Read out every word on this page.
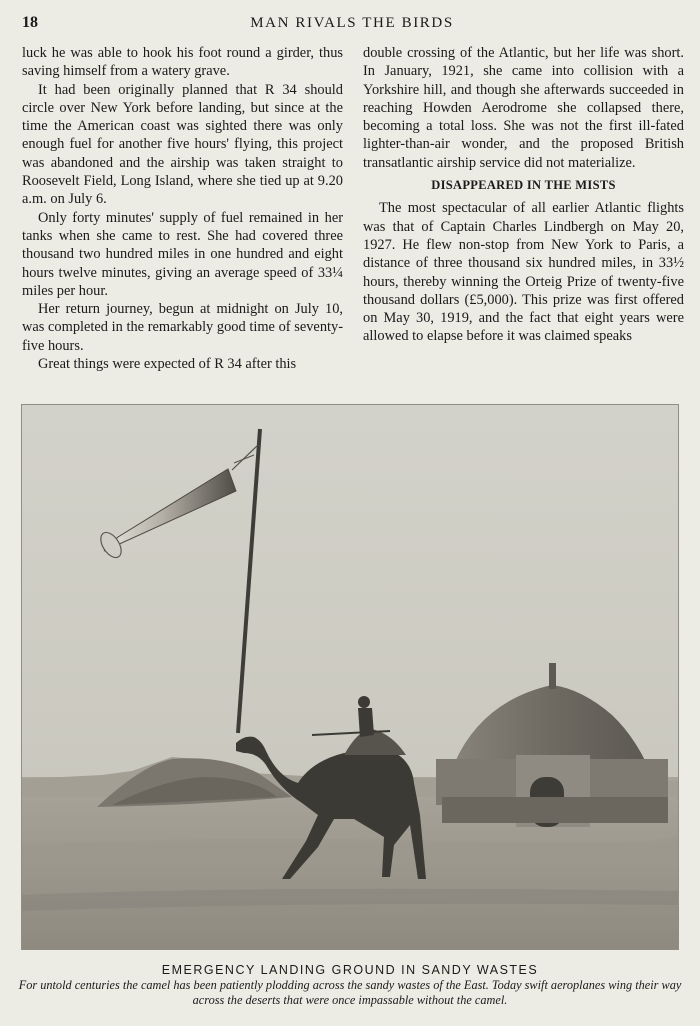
18	MAN RIVALS THE BIRDS

luck he was able to hook his foot round a girder, thus saving himself from a watery grave.

It had been originally planned that R 34 should circle over New York before landing, but since at the time the American coast was sighted there was only enough fuel for another five hours' flying, this project was abandoned and the airship was taken straight to Roosevelt Field, Long Island, where she tied up at 9.20 a.m. on July 6.

Only forty minutes' supply of fuel remained in her tanks when she came to rest. She had covered three thousand two hundred miles in one hundred and eight hours twelve minutes, giving an average speed of 33¼ miles per hour.

Her return journey, begun at midnight on July 10, was completed in the remarkably good time of seventy-five hours.

Great things were expected of R 34 after this

double crossing of the Atlantic, but her life was short. In January, 1921, she came into collision with a Yorkshire hill, and though she afterwards succeeded in reaching Howden Aerodrome she collapsed there, becoming a total loss. She was not the first ill-fated lighter-than-air wonder, and the proposed British transatlantic airship service did not materialize.

DISAPPEARED IN THE MISTS

The most spectacular of all earlier Atlantic flights was that of Captain Charles Lindbergh on May 20, 1927. He flew non-stop from New York to Paris, a distance of three thousand six hundred miles, in 33½ hours, thereby winning the Orteig Prize of twenty-five thousand dollars (£5,000). This prize was first offered on May 30, 1919, and the fact that eight years were allowed to elapse before it was claimed speaks

EMERGENCY LANDING GROUND IN SANDY WASTES
For untold centuries the camel has been patiently plodding across the sandy wastes of the East. Today swift aeroplanes wing their way across the deserts that were once impassable without the camel.
